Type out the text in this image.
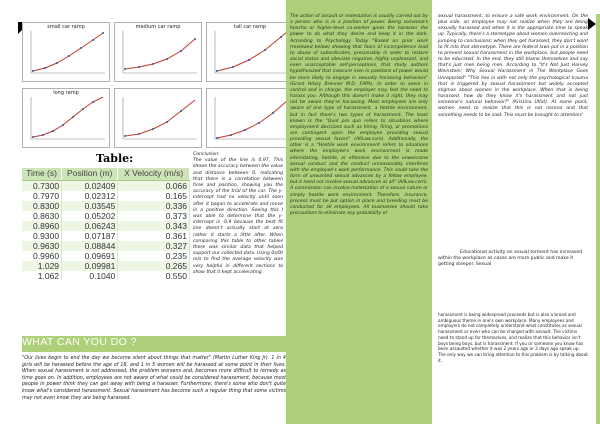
small car ramp	medium car ramp	tall car ramp
long ramp
Table:
Time (s)	Position (m)	X Velocity (m/s)
0.7300	0.02409	0.066
0.7970	0.02312	0.165
0.8300	0.03545	0.336
0.8630	0.05202	0.373
0.8960	0.06243	0.343
0.9300	0.07187	0.361
0.9630	0.08844	0.327
0.9960	0.09691	0.235
1.029	0.09981	0.265
1.062	0.1040	0.550
Conclusion:
The value of the line is 0.97. This shows the accuracy between the value and distance between 0, indicating that there is a correlation between time and position, showing you the accuracy of the trial of the car. The y-intercept had no velocity until soon after it began to accelerate and move in a positive direction. Seeing this I was able to determine that the y-intercept is -0.9 because the best fit line doesn't actually start at zero rather it starts a little after. When comparing this table to other tables there was similar data that helped support our collected data. Using 0s/0t m/s to find the average velocity was very helpful in different sections to show that it kept accelerating.
WHAT CAN YOU DO ?
"Our lives begin to end the day we become silent about things that matter" (Martin Luther King Jr). 1 in 4 girls will be harassed before the age of 18, and 1 in 5 women will be harassed at some point in their lives. When sexual harassment is not addressed, the problem worsens and, becomes more difficult to remedy as time goes on. In addition, employees are not aware of what could be considered harassment, because most people in power think they can get away with being a harasser. Furthermore, there's some who don't quite know what's considered harassment. Sexual harassment has become such a regular thing that some victims may not even know they are being harassed.
The action of assault or molestation is usually carried out by a person who is in a position of power. Being someone's honcho or higher-level co-worker gives the harasser the power to do what they desire and keep it in the dark. According to Psychology Today "Based on prior work (reviewed below) showing that fears of incompetence lead to abuse of subordinates, presumably in order to restore social status and alleviate negative, highly unpleasant, and even unacceptable self-perceptions, that study authors hypothesized that insecure men in positions of power would be more likely to engage in sexually harassing behaviors" (Grant Hilary Brenner M.D. FAPA). In order to seem in control and in charge, the employer may feel the need to harass you. Although this doesn't make it right, they may not be aware they're harassing. Most employees are only aware of one type of harassment, a hostile environment, but in fact there's two types of harassment. The least known is the "Quid pro quo refers to situations where employment decisions such as hiring, firing, or promotions are contingent upon the employee providing sexual providing sexual favors" (AllLaw.com). Additionally, the other is a "Hostile work environment refers to situations where the employee's work environment is made intimidating, hostile, or offensive due to the unwelcome sexual conduct and the conduct unreasonably interferes with the employee's work performance. This could take the form of unwanted sexual advances by a fellow employee, but it need not involve sexual advances at all" (AllLaw.com). A commission can involve molestation of a sexual nature or simply hostile work environment. Therefore, insurance, process must be put option in place and breeding must be conducted for all employees. All businesses should take precautions to eliminate any probability of
sexual harassment, to ensure a safe work environment. On the plus side, an employee may not realize when they are being sexually harassed and when it is the appropriate time to speak up. Typically, there's a stereotype about women overreacting and jumping to conclusions; when they get harassed, they don't want to fit into that stereotype. There are federal laws put in a position to prevent sexual harassment in the workplace, but people need to be educated. In the end, they still blame themselves and say that's just men being men. According to "It's Not Just Harvey Weinstein: Why Sexual Harassment in The Workplace Goes Unreported" "This ties in with not only the psychological trauma that is triggered by sexual harassment but widely accepted stigmas about women in the workplace. When that is being harassed, how do they know it's harassment and not just someone's natural behavior?" (Kristina Ulfat). At some point, women need to realize that this is not normal and that something needs to be said. This must be brought to attention!
Educational activity on sexual torment has increased within the workplace as cases are more public and make it getting steeper. Sexual
harassment is being widespread proceeds but is also a broad and ambiguous theme in one's own workplace. Many employees and employers do not completely understand what constitutes as sexual harassment or even who can be charged with assault. The victims need to stand up for themselves, and realize that this behavior isn't boys being boys, but is harassment. If you or someone you know has been assaulted whether it was 2 years ago or 2 days ago speak up. The only way we can bring attention to this problem is by talking about it.
